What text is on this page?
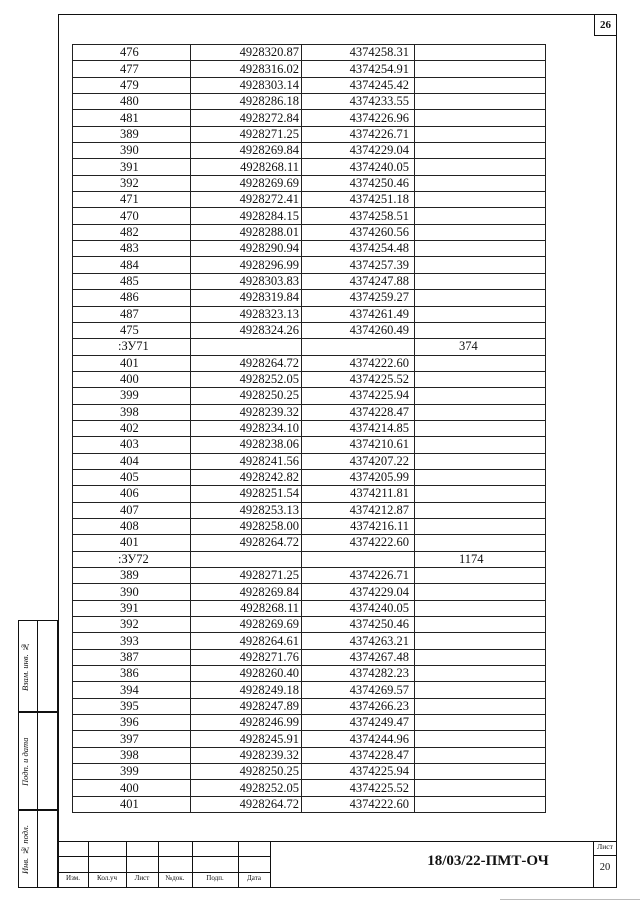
26
476	4928320.87	4374258.31	
477	4928316.02	4374254.91	
479	4928303.14	4374245.42	
480	4928286.18	4374233.55	
481	4928272.84	4374226.96	
389	4928271.25	4374226.71	
390	4928269.84	4374229.04	
391	4928268.11	4374240.05	
392	4928269.69	4374250.46	
471	4928272.41	4374251.18	
470	4928284.15	4374258.51	
482	4928288.01	4374260.56	
483	4928290.94	4374254.48	
484	4928296.99	4374257.39	
485	4928303.83	4374247.88	
486	4928319.84	4374259.27	
487	4928323.13	4374261.49	
475	4928324.26	4374260.49	
:ЗУ71			374
401	4928264.72	4374222.60	
400	4928252.05	4374225.52	
399	4928250.25	4374225.94	
398	4928239.32	4374228.47	
402	4928234.10	4374214.85	
403	4928238.06	4374210.61	
404	4928241.56	4374207.22	
405	4928242.82	4374205.99	
406	4928251.54	4374211.81	
407	4928253.13	4374212.87	
408	4928258.00	4374216.11	
401	4928264.72	4374222.60	
:ЗУ72			1174
389	4928271.25	4374226.71	
390	4928269.84	4374229.04	
391	4928268.11	4374240.05	
392	4928269.69	4374250.46	
393	4928264.61	4374263.21	
387	4928271.76	4374267.48	
386	4928260.40	4374282.23	
394	4928249.18	4374269.57	
395	4928247.89	4374266.23	
396	4928246.99	4374249.47	
397	4928245.91	4374244.96	
398	4928239.32	4374228.47	
399	4928250.25	4374225.94	
400	4928252.05	4374225.52	
401	4928264.72	4374222.60	
Взам. инв. №
Подп. и дата
Инв. № подл.
Изм.	Кол.уч	Лист	№док.	Подп.	Дата
18/03/22-ПМТ-ОЧ
Лист
20
